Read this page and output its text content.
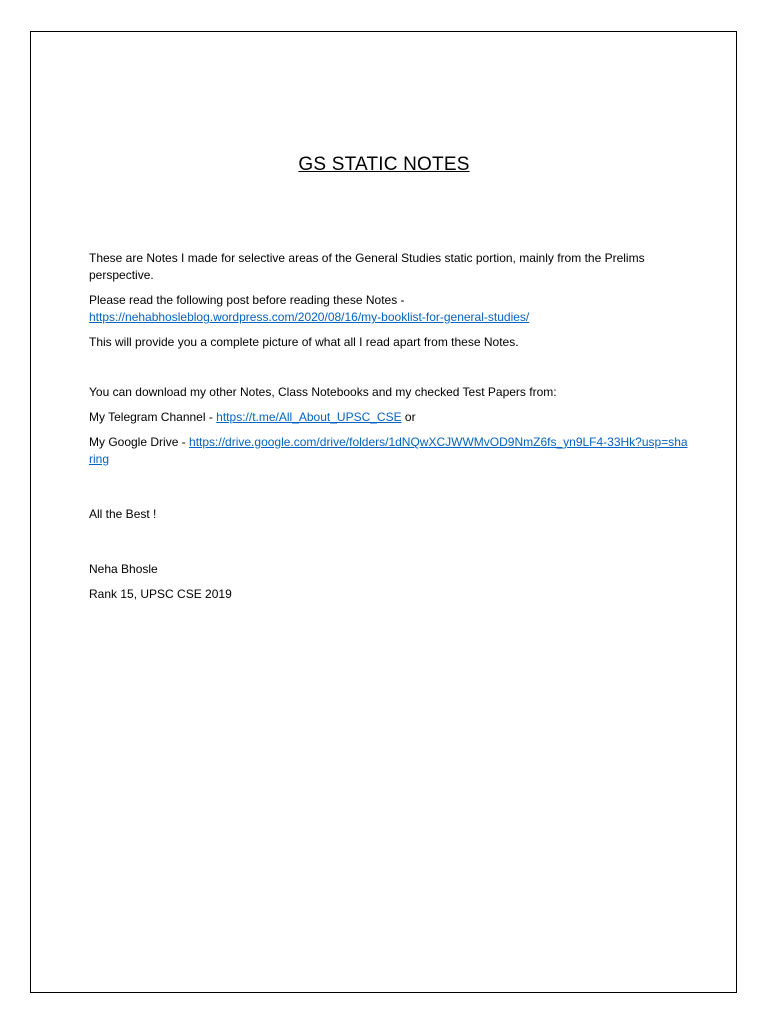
GS STATIC NOTES

These are Notes I made for selective areas of the General Studies static portion, mainly from the Prelims perspective.

Please read the following post before reading these Notes -
https://nehabhosleblog.wordpress.com/2020/08/16/my-booklist-for-general-studies/

This will provide you a complete picture of what all I read apart from these Notes.

You can download my other Notes, Class Notebooks and my checked Test Papers from:

My Telegram Channel - https://t.me/All_About_UPSC_CSE or

My Google Drive - https://drive.google.com/drive/folders/1dNQwXCJWWMvOD9NmZ6fs_yn9LF4-33Hk?usp=sharing

All the Best !

Neha Bhosle

Rank 15, UPSC CSE 2019
